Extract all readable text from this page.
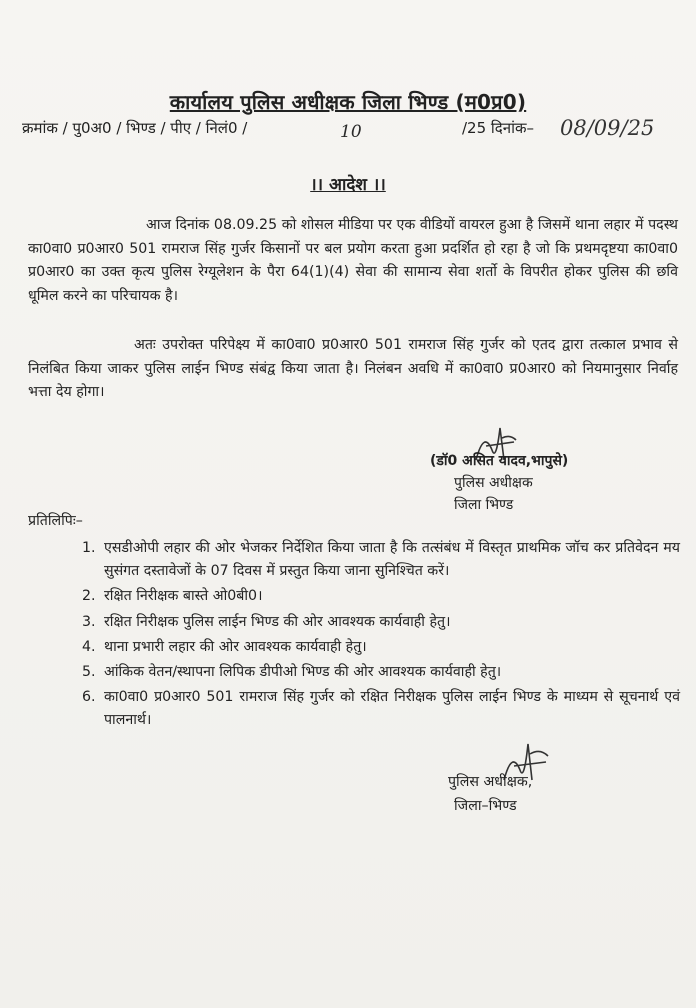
कार्यालय पुलिस अधीक्षक जिला भिण्ड (म0प्र0)
क्रमांक / पु0अ0 / भिण्ड / पीए / निलं0 /	10	/25 दिनांक– 08/09/25
।। आदेश ।।

आज दिनांक 08.09.25 को शोसल मीडिया पर एक वीडियों वायरल हुआ है जिसमें थाना लहार में पदस्थ का0वा0 प्र0आर0 501 रामराज सिंह गुर्जर किसानों पर बल प्रयोग करता हुआ प्रदर्शित हो रहा है जो कि प्रथमदृष्टया का0वा0 प्र0आर0 का उक्त कृत्य पुलिस रेग्यूलेशन के पैरा 64(1)(4) सेवा की सामान्य सेवा शर्तो के विपरीत होकर पुलिस की छवि धूमिल करने का परिचायक है।

अतः उपरोक्त परिपेक्ष्य में का0वा0 प्र0आर0 501 रामराज सिंह गुर्जर को एतद द्वारा तत्काल प्रभाव से निलंबित किया जाकर पुलिस लाईन भिण्ड संबंद्व किया जाता है। निलंबन अवधि में का0वा0 प्र0आर0 को नियमानुसार निर्वाह भत्ता देय होगा।

(डॉ0 असित यादव,भापुसे)
पुलिस अधीक्षक
जिला भिण्ड
प्रतिलिपिः–
1. एसडीओपी लहार की ओर भेजकर निर्देशित किया जाता है कि तत्संबंध में विस्तृत प्राथमिक जॉच कर प्रतिवेदन मय सुसंगत दस्तावेजों के 07 दिवस में प्रस्तुत किया जाना सुनिश्चित करें।
2. रक्षित निरीक्षक बास्ते ओ0बी0।
3. रक्षित निरीक्षक पुलिस लाईन भिण्ड की ओर आवश्यक कार्यवाही हेतु।
4. थाना प्रभारी लहार की ओर आवश्यक कार्यवाही हेतु।
5. आंकिक वेतन/स्थापना लिपिक डीपीओ भिण्ड की ओर आवश्यक कार्यवाही हेतु।
6. का0वा0 प्र0आर0 501 रामराज सिंह गुर्जर को रक्षित निरीक्षक पुलिस लाईन भिण्ड के माध्यम से सूचनार्थ एवं पालनार्थ।
पुलिस अधीक्षक,
जिला–भिण्ड
